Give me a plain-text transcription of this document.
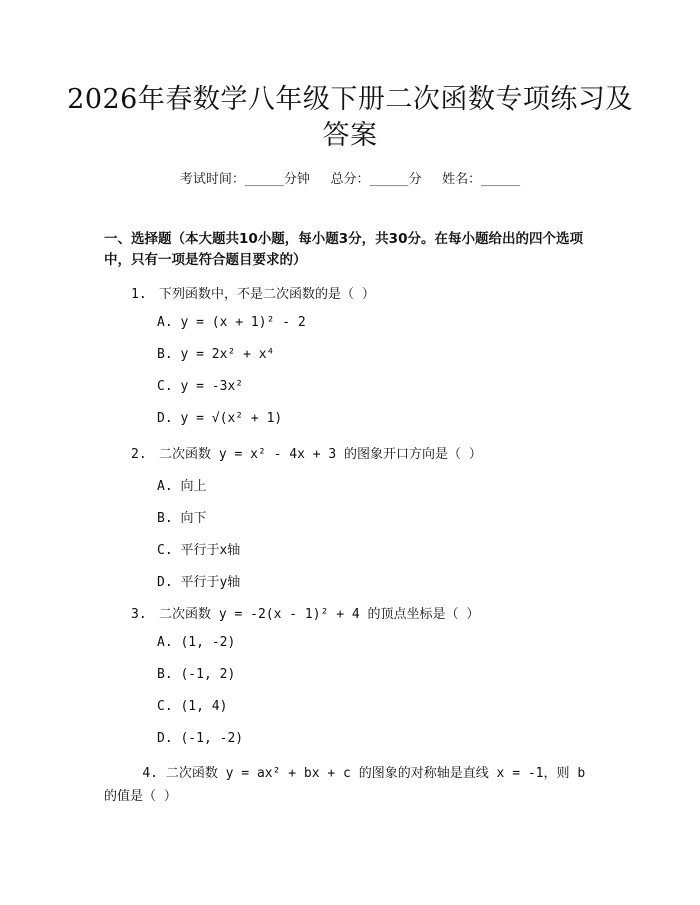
2026年春数学八年级下册二次函数专项练习及答案
考试时间：______分钟     总分：______分     姓名：______
一、选择题（本大题共10小题，每小题3分，共30分。在每小题给出的四个选项中，只有一项是符合题目要求的）
1. 下列函数中，不是二次函数的是（ ）
A. y = (x + 1)² - 2
B. y = 2x² + x⁴
C. y = -3x²
D. y = √(x² + 1)
2. 二次函数 y = x² - 4x + 3 的图象开口方向是（ ）
A. 向上
B. 向下
C. 平行于x轴
D. 平行于y轴
3. 二次函数 y = -2(x - 1)² + 4 的顶点坐标是（ ）
A. (1, -2)
B. (-1, 2)
C. (1, 4)
D. (-1, -2)
4.  二次函数 y = ax² + bx + c 的图象的对称轴是直线 x = -1，则 b 的值是（ ）
